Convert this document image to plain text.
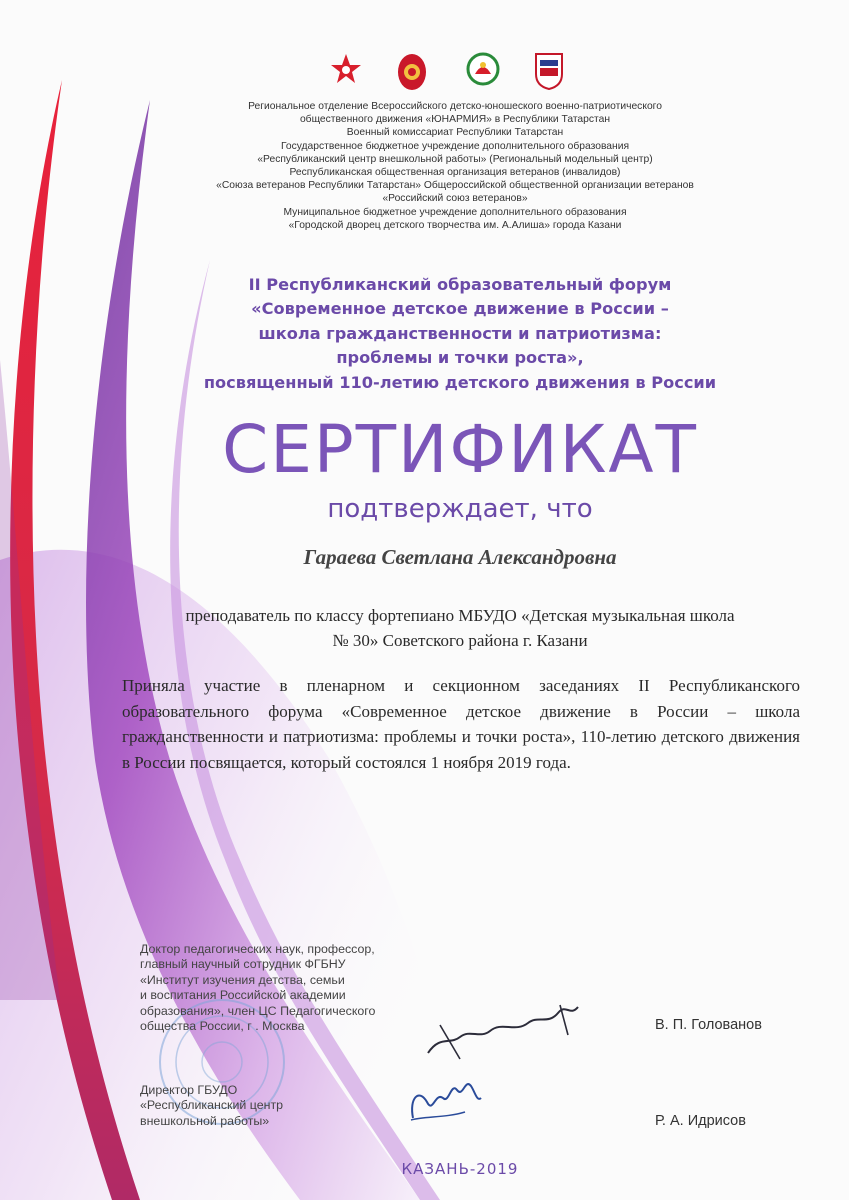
Региональное отделение Всероссийского детско-юношеского военно-патриотического
общественного движения «ЮНАРМИЯ» в Республики Татарстан
Военный комиссариат Республики Татарстан
Государственное бюджетное учреждение дополнительного образования
«Республиканский центр внешкольной работы» (Региональный модельный центр)
Республиканская общественная организация ветеранов (инвалидов)
«Союза ветеранов Республики Татарстан» Общероссийской общественной организации ветеранов
«Российский союз ветеранов»
Муниципальное бюджетное учреждение дополнительного образования
«Городской дворец детского творчества им. А.Алиша» города Казани
II Республиканский образовательный форум
«Современное детское движение в России –
школа гражданственности и патриотизма:
проблемы и точки роста»,
посвященный 110-летию детского движения в России
СЕРТИФИКАТ
подтверждает, что
Гараева Светлана Александровна
преподаватель по классу фортепиано МБУДО «Детская музыкальная школа
№ 30» Советского района г. Казани
Приняла участие в пленарном и секционном заседаниях II Республиканского образовательного форума «Современное детское движение в России – школа гражданственности и патриотизма: проблемы и точки роста», 110-летию детского движения в России посвящается, который состоялся 1 ноября 2019 года.
Доктор педагогических наук, профессор,
главный научный сотрудник ФГБНУ
«Институт изучения детства, семьи
и воспитания Российской академии
образования», член ЦС Педагогического
общества России, г . Москва	В. П. Голованов
Директор ГБУДО
«Республиканский центр
внешкольной работы»	Р. А. Идрисов
КАЗАНЬ-2019
